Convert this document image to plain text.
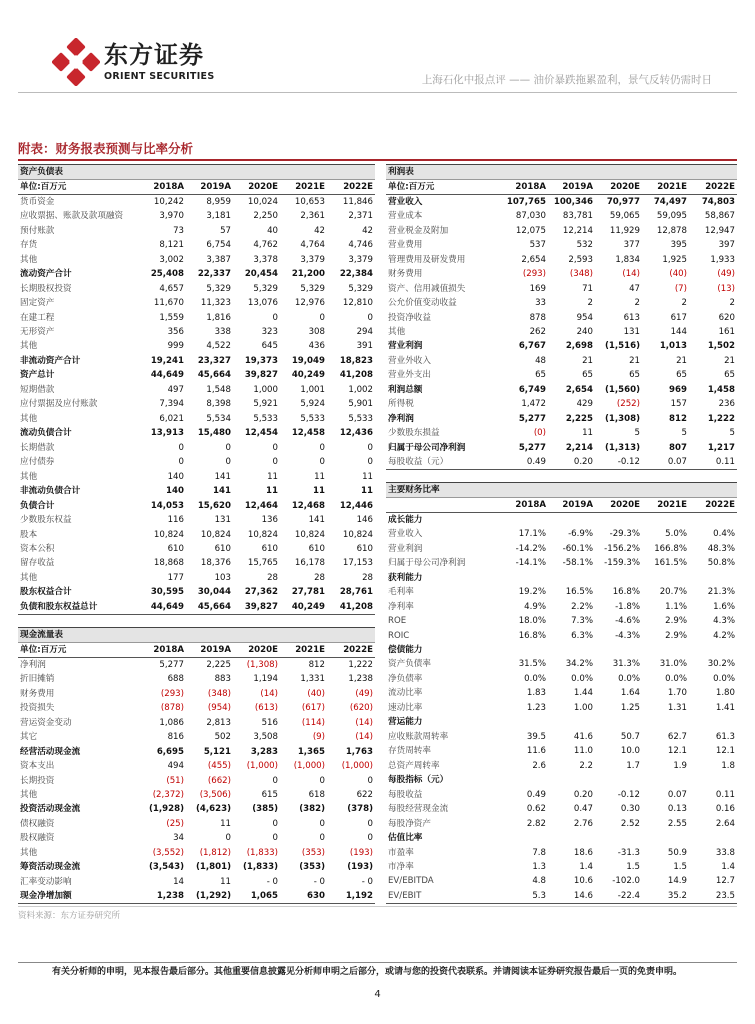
东方证券
ORIENT SECURITIES	上海石化中报点评 —— 油价暴跌拖累盈利，景气反转仍需时日
附表：财务报表预测与比率分析
资产负债表					
单位:百万元	2018A	2019A	2020E	2021E	2022E
货币资金	10,242	8,959	10,024	10,653	11,846
应收票据、账款及款项融资	3,970	3,181	2,250	2,361	2,371
预付账款	73	57	40	42	42
存货	8,121	6,754	4,762	4,764	4,746
其他	3,002	3,387	3,378	3,379	3,379
流动资产合计	25,408	22,337	20,454	21,200	22,384
长期股权投资	4,657	5,329	5,329	5,329	5,329
固定资产	11,670	11,323	13,076	12,976	12,810
在建工程	1,559	1,816	0	0	0
无形资产	356	338	323	308	294
其他	999	4,522	645	436	391
非流动资产合计	19,241	23,327	19,373	19,049	18,823
资产总计	44,649	45,664	39,827	40,249	41,208
短期借款	497	1,548	1,000	1,001	1,002
应付票据及应付账款	7,394	8,398	5,921	5,924	5,901
其他	6,021	5,534	5,533	5,533	5,533
流动负债合计	13,913	15,480	12,454	12,458	12,436
长期借款	0	0	0	0	0
应付债券	0	0	0	0	0
其他	140	141	11	11	11
非流动负债合计	140	141	11	11	11
负债合计	14,053	15,620	12,464	12,468	12,446
少数股东权益	116	131	136	141	146
股本	10,824	10,824	10,824	10,824	10,824
资本公积	610	610	610	610	610
留存收益	18,868	18,376	15,765	16,178	17,153
其他	177	103	28	28	28
股东权益合计	30,595	30,044	27,362	27,781	28,761
负债和股东权益总计	44,649	45,664	39,827	40,249	41,208
现金流量表					
单位:百万元	2018A	2019A	2020E	2021E	2022E
净利润	5,277	2,225	(1,308)	812	1,222
折旧摊销	688	883	1,194	1,331	1,238
财务费用	(293)	(348)	(14)	(40)	(49)
投资损失	(878)	(954)	(613)	(617)	(620)
营运资金变动	1,086	2,813	516	(114)	(14)
其它	816	502	3,508	(9)	(14)
经营活动现金流	6,695	5,121	3,283	1,365	1,763
资本支出	494	(455)	(1,000)	(1,000)	(1,000)
长期投资	(51)	(662)	0	0	0
其他	(2,372)	(3,506)	615	618	622
投资活动现金流	(1,928)	(4,623)	(385)	(382)	(378)
债权融资	(25)	11	0	0	0
股权融资	34	0	0	0	0
其他	(3,552)	(1,812)	(1,833)	(353)	(193)
筹资活动现金流	(3,543)	(1,801)	(1,833)	(353)	(193)
汇率变动影响	14	11	- 0	- 0	- 0
现金净增加额	1,238	(1,292)	1,065	630	1,192
利润表					
单位:百万元	2018A	2019A	2020E	2021E	2022E
营业收入	107,765	100,346	70,977	74,497	74,803
营业成本	87,030	83,781	59,065	59,095	58,867
营业税金及附加	12,075	12,214	11,929	12,878	12,947
营业费用	537	532	377	395	397
管理费用及研发费用	2,654	2,593	1,834	1,925	1,933
财务费用	(293)	(348)	(14)	(40)	(49)
资产、信用减值损失	169	71	47	(7)	(13)
公允价值变动收益	33	2	2	2	2
投资净收益	878	954	613	617	620
其他	262	240	131	144	161
营业利润	6,767	2,698	(1,516)	1,013	1,502
营业外收入	48	21	21	21	21
营业外支出	65	65	65	65	65
利润总额	6,749	2,654	(1,560)	969	1,458
所得税	1,472	429	(252)	157	236
净利润	5,277	2,225	(1,308)	812	1,222
少数股东损益	(0)	11	5	5	5
归属于母公司净利润	5,277	2,214	(1,313)	807	1,217
每股收益（元）	0.49	0.20	-0.12	0.07	0.11
主要财务比率					
	2018A	2019A	2020E	2021E	2022E
成长能力					
营业收入	17.1%	-6.9%	-29.3%	5.0%	0.4%
营业利润	-14.2%	-60.1%	-156.2%	166.8%	48.3%
归属于母公司净利润	-14.1%	-58.1%	-159.3%	161.5%	50.8%
获利能力					
毛利率	19.2%	16.5%	16.8%	20.7%	21.3%
净利率	4.9%	2.2%	-1.8%	1.1%	1.6%
ROE	18.0%	7.3%	-4.6%	2.9%	4.3%
ROIC	16.8%	6.3%	-4.3%	2.9%	4.2%
偿债能力					
资产负债率	31.5%	34.2%	31.3%	31.0%	30.2%
净负债率	0.0%	0.0%	0.0%	0.0%	0.0%
流动比率	1.83	1.44	1.64	1.70	1.80
速动比率	1.23	1.00	1.25	1.31	1.41
营运能力					
应收账款周转率	39.5	41.6	50.7	62.7	61.3
存货周转率	11.6	11.0	10.0	12.1	12.1
总资产周转率	2.6	2.2	1.7	1.9	1.8
每股指标（元）					
每股收益	0.49	0.20	-0.12	0.07	0.11
每股经营现金流	0.62	0.47	0.30	0.13	0.16
每股净资产	2.82	2.76	2.52	2.55	2.64
估值比率					
市盈率	7.8	18.6	-31.3	50.9	33.8
市净率	1.3	1.4	1.5	1.5	1.4
EV/EBITDA	4.8	10.6	-102.0	14.9	12.7
EV/EBIT	5.3	14.6	-22.4	35.2	23.5
资料来源：东方证券研究所
有关分析师的申明，见本报告最后部分。其他重要信息披露见分析师申明之后部分，或请与您的投资代表联系。并请阅读本证券研究报告最后一页的免责申明。
4
